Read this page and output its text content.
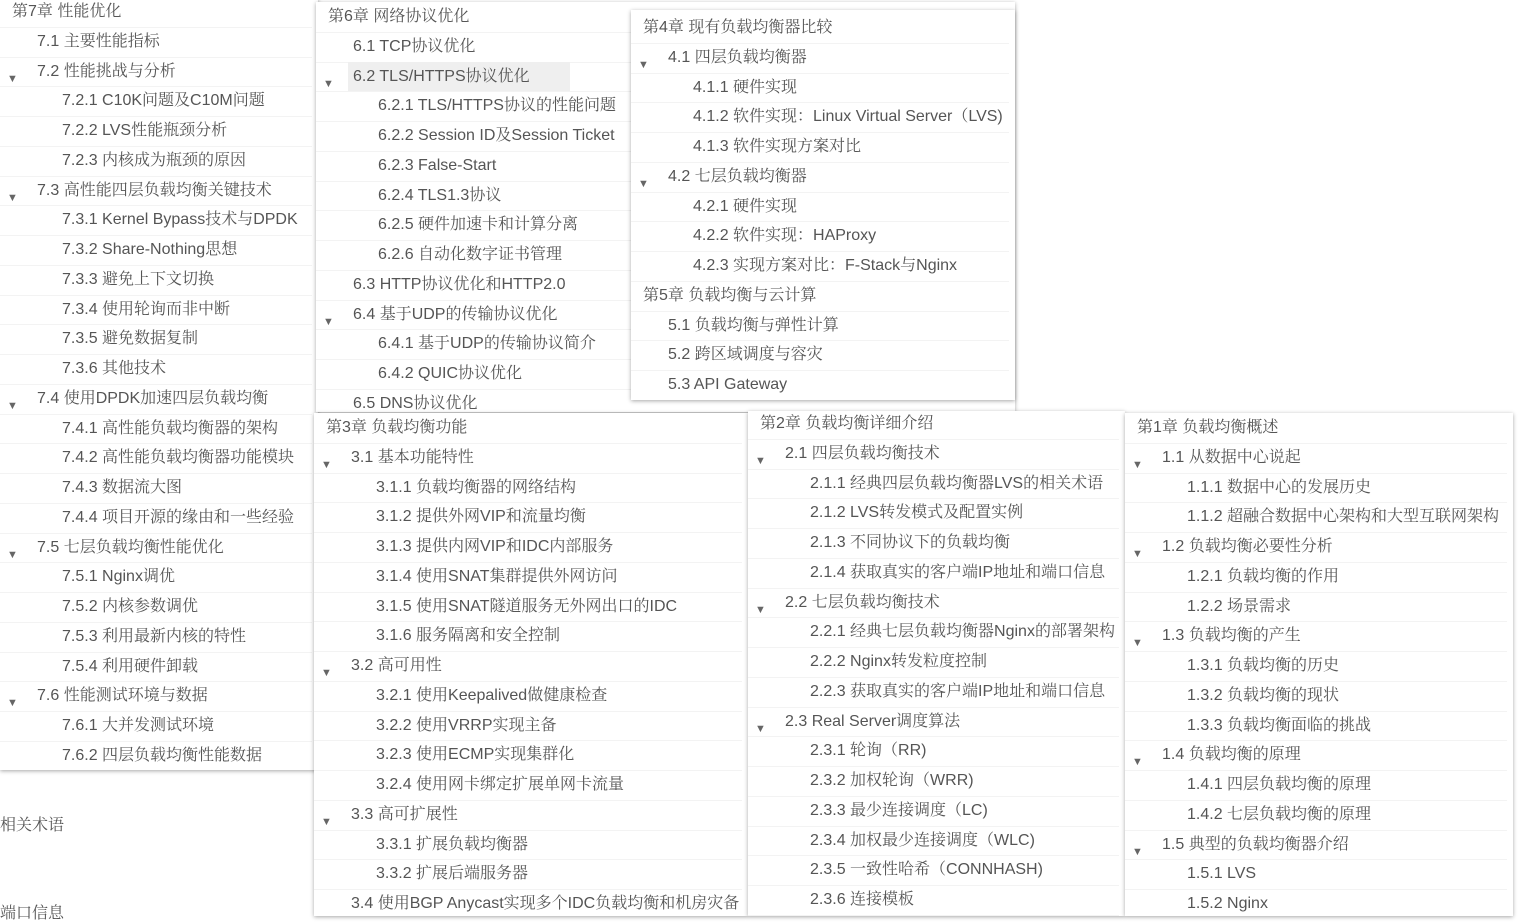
相关术语
端口信息
第7章 性能优化
7.1 主要性能指标
▼ 7.2 性能挑战与分析
7.2.1 C10K问题及C10M问题
7.2.2 LVS性能瓶颈分析
7.2.3 内核成为瓶颈的原因
▼ 7.3 高性能四层负载均衡关键技术
7.3.1 Kernel Bypass技术与DPDK
7.3.2 Share-Nothing思想
7.3.3 避免上下文切换
7.3.4 使用轮询而非中断
7.3.5 避免数据复制
7.3.6 其他技术
▼ 7.4 使用DPDK加速四层负载均衡
7.4.1 高性能负载均衡器的架构
7.4.2 高性能负载均衡器功能模块
7.4.3 数据流大图
7.4.4 项目开源的缘由和一些经验
▼ 7.5 七层负载均衡性能优化
7.5.1 Nginx调优
7.5.2 内核参数调优
7.5.3 利用最新内核的特性
7.5.4 利用硬件卸载
▼ 7.6 性能测试环境与数据
7.6.1 大并发测试环境
7.6.2 四层负载均衡性能数据
第6章 网络协议优化
6.1 TCP协议优化
▼	6.2 TLS/HTTPS协议优化
6.2.1 TLS/HTTPS协议的性能问题
6.2.2 Session ID及Session Ticket
6.2.3 False-Start
6.2.4 TLS1.3协议
6.2.5 硬件加速卡和计算分离
6.2.6 自动化数字证书管理
6.3 HTTP协议优化和HTTP2.0
▼ 6.4 基于UDP的传输协议优化
6.4.1 基于UDP的传输协议简介
6.4.2 QUIC协议优化
6.5 DNS协议优化
第4章 现有负载均衡器比较
▼ 4.1 四层负载均衡器
4.1.1 硬件实现
4.1.2 软件实现：Linux Virtual Server（LVS)
4.1.3 软件实现方案对比
▼ 4.2 七层负载均衡器
4.2.1 硬件实现
4.2.2 软件实现：HAProxy
4.2.3 实现方案对比：F-Stack与Nginx
第5章 负载均衡与云计算
5.1 负载均衡与弹性计算
5.2 跨区域调度与容灾
5.3 API Gateway
第3章 负载均衡功能
▼ 3.1 基本功能特性
3.1.1 负载均衡器的网络结构
3.1.2 提供外网VIP和流量均衡
3.1.3 提供内网VIP和IDC内部服务
3.1.4 使用SNAT集群提供外网访问
3.1.5 使用SNAT隧道服务无外网出口的IDC
3.1.6 服务隔离和安全控制
▼ 3.2 高可用性
3.2.1 使用Keepalived做健康检查
3.2.2 使用VRRP实现主备
3.2.3 使用ECMP实现集群化
3.2.4 使用网卡绑定扩展单网卡流量
▼ 3.3 高可扩展性
3.3.1 扩展负载均衡器
3.3.2 扩展后端服务器
3.4 使用BGP Anycast实现多个IDC负载均衡和机房灾备
第2章 负载均衡详细介绍
▼ 2.1 四层负载均衡技术
2.1.1 经典四层负载均衡器LVS的相关术语
2.1.2 LVS转发模式及配置实例
2.1.3 不同协议下的负载均衡
2.1.4 获取真实的客户端IP地址和端口信息
▼ 2.2 七层负载均衡技术
2.2.1 经典七层负载均衡器Nginx的部署架构
2.2.2 Nginx转发粒度控制
2.2.3 获取真实的客户端IP地址和端口信息
▼ 2.3 Real Server调度算法
2.3.1 轮询（RR)
2.3.2 加权轮询（WRR)
2.3.3 最少连接调度（LC)
2.3.4 加权最少连接调度（WLC)
2.3.5 一致性哈希（CONNHASH)
2.3.6 连接模板
第1章 负载均衡概述
▼ 1.1 从数据中心说起
1.1.1 数据中心的发展历史
1.1.2 超融合数据中心架构和大型互联网架构
▼ 1.2 负载均衡必要性分析
1.2.1 负载均衡的作用
1.2.2 场景需求
▼ 1.3 负载均衡的产生
1.3.1 负载均衡的历史
1.3.2 负载均衡的现状
1.3.3 负载均衡面临的挑战
▼ 1.4 负载均衡的原理
1.4.1 四层负载均衡的原理
1.4.2 七层负载均衡的原理
▼ 1.5 典型的负载均衡器介绍
1.5.1 LVS
1.5.2 Nginx
